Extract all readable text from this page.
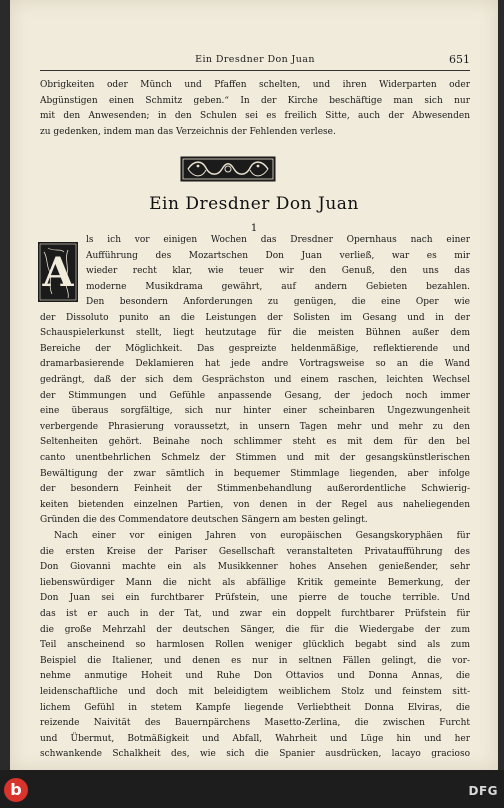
Ein Dresdner Don Juan	651
Obrigkeiten oder Münch und Pfaffen schelten, und ihren Widerparten oder
Abgünstigen einen Schmitz geben.“ In der Kirche beschäftige man sich nur
mit den Anwesenden; in den Schulen sei es freilich Sitte, auch der Abwesenden
zu gedenken, indem man das Verzeichnis der Fehlenden verlese.
Ein Dresdner Don Juan
1
A
ls ich vor einigen Wochen das Dresdner Opernhaus nach einer
Aufführung des Mozartschen Don Juan verließ, war es mir
wieder recht klar, wie teuer wir den Genuß, den uns das
moderne Musikdrama gewährt, auf andern Gebieten bezahlen.
Den besondern Anforderungen zu genügen, die eine Oper wie
der Dissoluto punito an die Leistungen der Solisten im Gesang und in der
Schauspielerkunst stellt, liegt heutzutage für die meisten Bühnen außer dem
Bereiche der Möglichkeit. Das gespreizte heldenmäßige, reflektierende und
dramarbasierende Deklamieren hat jede andre Vortragsweise so an die Wand
gedrängt, daß der sich dem Gesprächston und einem raschen, leichten Wechsel
der Stimmungen und Gefühle anpassende Gesang, der jedoch noch immer
eine überaus sorgfältige, sich nur hinter einer scheinbaren Ungezwungenheit
verbergende Phrasierung voraussetzt, in unsern Tagen mehr und mehr zu den
Seltenheiten gehört. Beinahe noch schlimmer steht es mit dem für den bel
canto unentbehrlichen Schmelz der Stimmen und mit der gesangskünstlerischen
Bewältigung der zwar sämtlich in bequemer Stimmlage liegenden, aber infolge
der besondern Feinheit der Stimmenbehandlung außerordentliche Schwierig-
keiten bietenden einzelnen Partien, von denen in der Regel aus naheliegenden
Gründen die des Commendatore deutschen Sängern am besten gelingt.
Nach einer vor einigen Jahren von europäischen Gesangskoryphäen für
die ersten Kreise der Pariser Gesellschaft veranstalteten Privataufführung des
Don Giovanni machte ein als Musikkenner hohes Ansehen genießender, sehr
liebenswürdiger Mann die nicht als abfällige Kritik gemeinte Bemerkung, der
Don Juan sei ein furchtbarer Prüfstein, une pierre de touche terrible. Und
das ist er auch in der Tat, und zwar ein doppelt furchtbarer Prüfstein für
die große Mehrzahl der deutschen Sänger, die für die Wiedergabe der zum
Teil anscheinend so harmlosen Rollen weniger glücklich begabt sind als zum
Beispiel die Italiener, und denen es nur in seltnen Fällen gelingt, die vor-
nehme anmutige Hoheit und Ruhe Don Ottavios und Donna Annas, die
leidenschaftliche und doch mit beleidigtem weiblichem Stolz und feinstem sitt-
lichem Gefühl in stetem Kampfe liegende Verliebtheit Donna Elviras, die
reizende Naivität des Bauernpärchens Masetto-Zerlina, die zwischen Furcht
und Übermut, Botmäßigkeit und Abfall, Wahrheit und Lüge hin und her
schwankende Schalkheit des, wie sich die Spanier ausdrücken, lacayo gracioso
b	DFG
